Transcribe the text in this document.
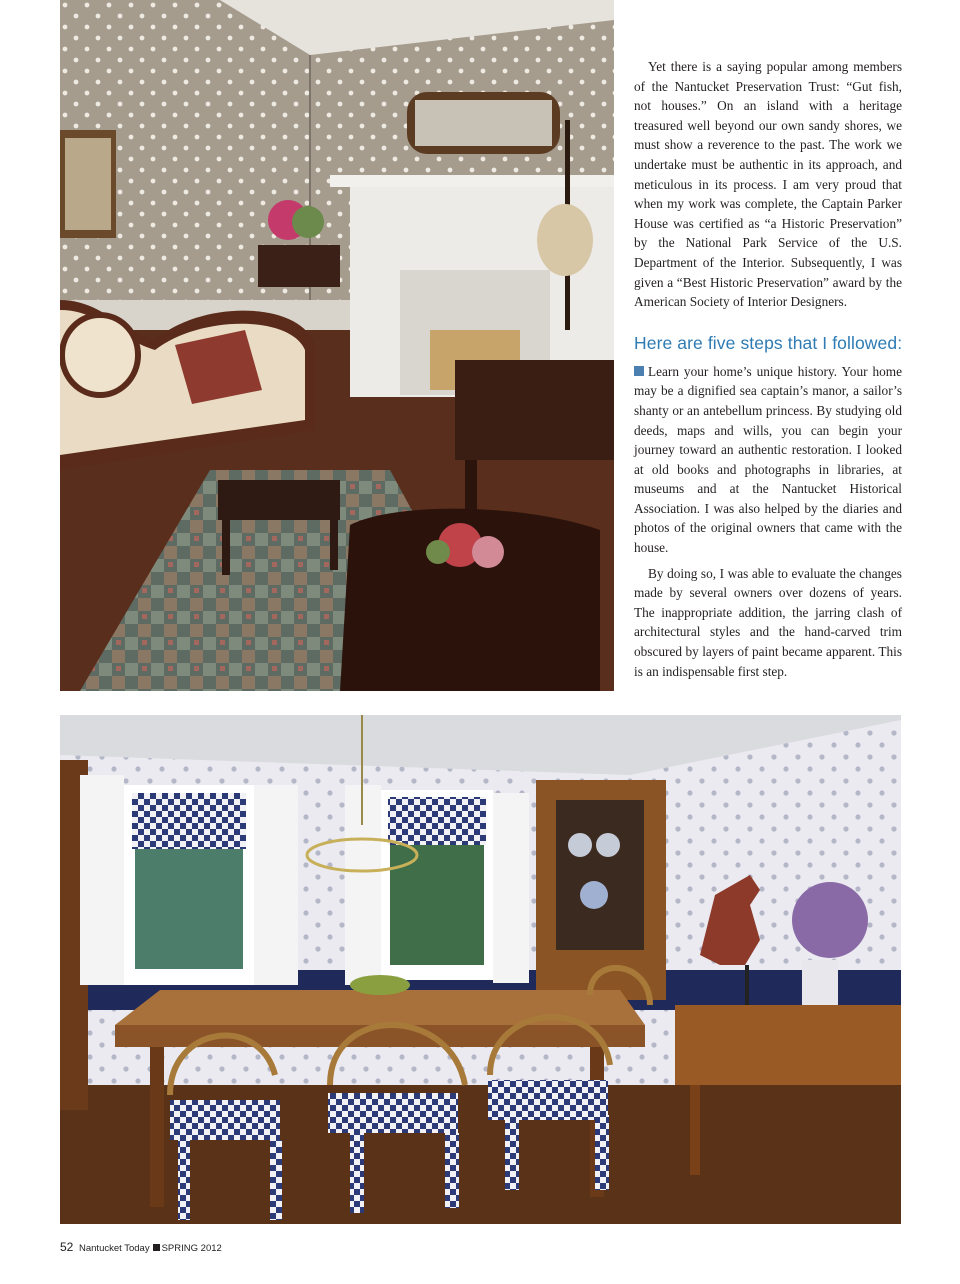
Yet there is a saying popular among members of the Nantucket Preservation Trust: “Gut fish, not houses.” On an island with a heritage treasured well beyond our own sandy shores, we must show a reverence to the past. The work we undertake must be authentic in its approach, and meticulous in its process. I am very proud that when my work was complete, the Captain Parker House was certified as “a Historic Preservation” by the National Park Service of the U.S. Department of the Interior. Subsequently, I was given a “Best Historic Preservation” award by the American Society of Interior Designers.

Here are five steps that I followed:

Learn your home’s unique history. Your home may be a dignified sea captain’s manor, a sailor’s shanty or an antebellum princess. By studying old deeds, maps and wills, you can begin your journey toward an authentic restoration. I looked at old books and photographs in libraries, at museums and at the Nantucket Historical Association. I was also helped by the diaries and photos of the original owners that came with the house.

By doing so, I was able to evaluate the changes made by several owners over dozens of years. The inappropriate addition, the jarring clash of architectural styles and the hand-carved trim obscured by layers of paint became apparent. This is an indispensable first step.

52 Nantucket Today SPRING 2012
